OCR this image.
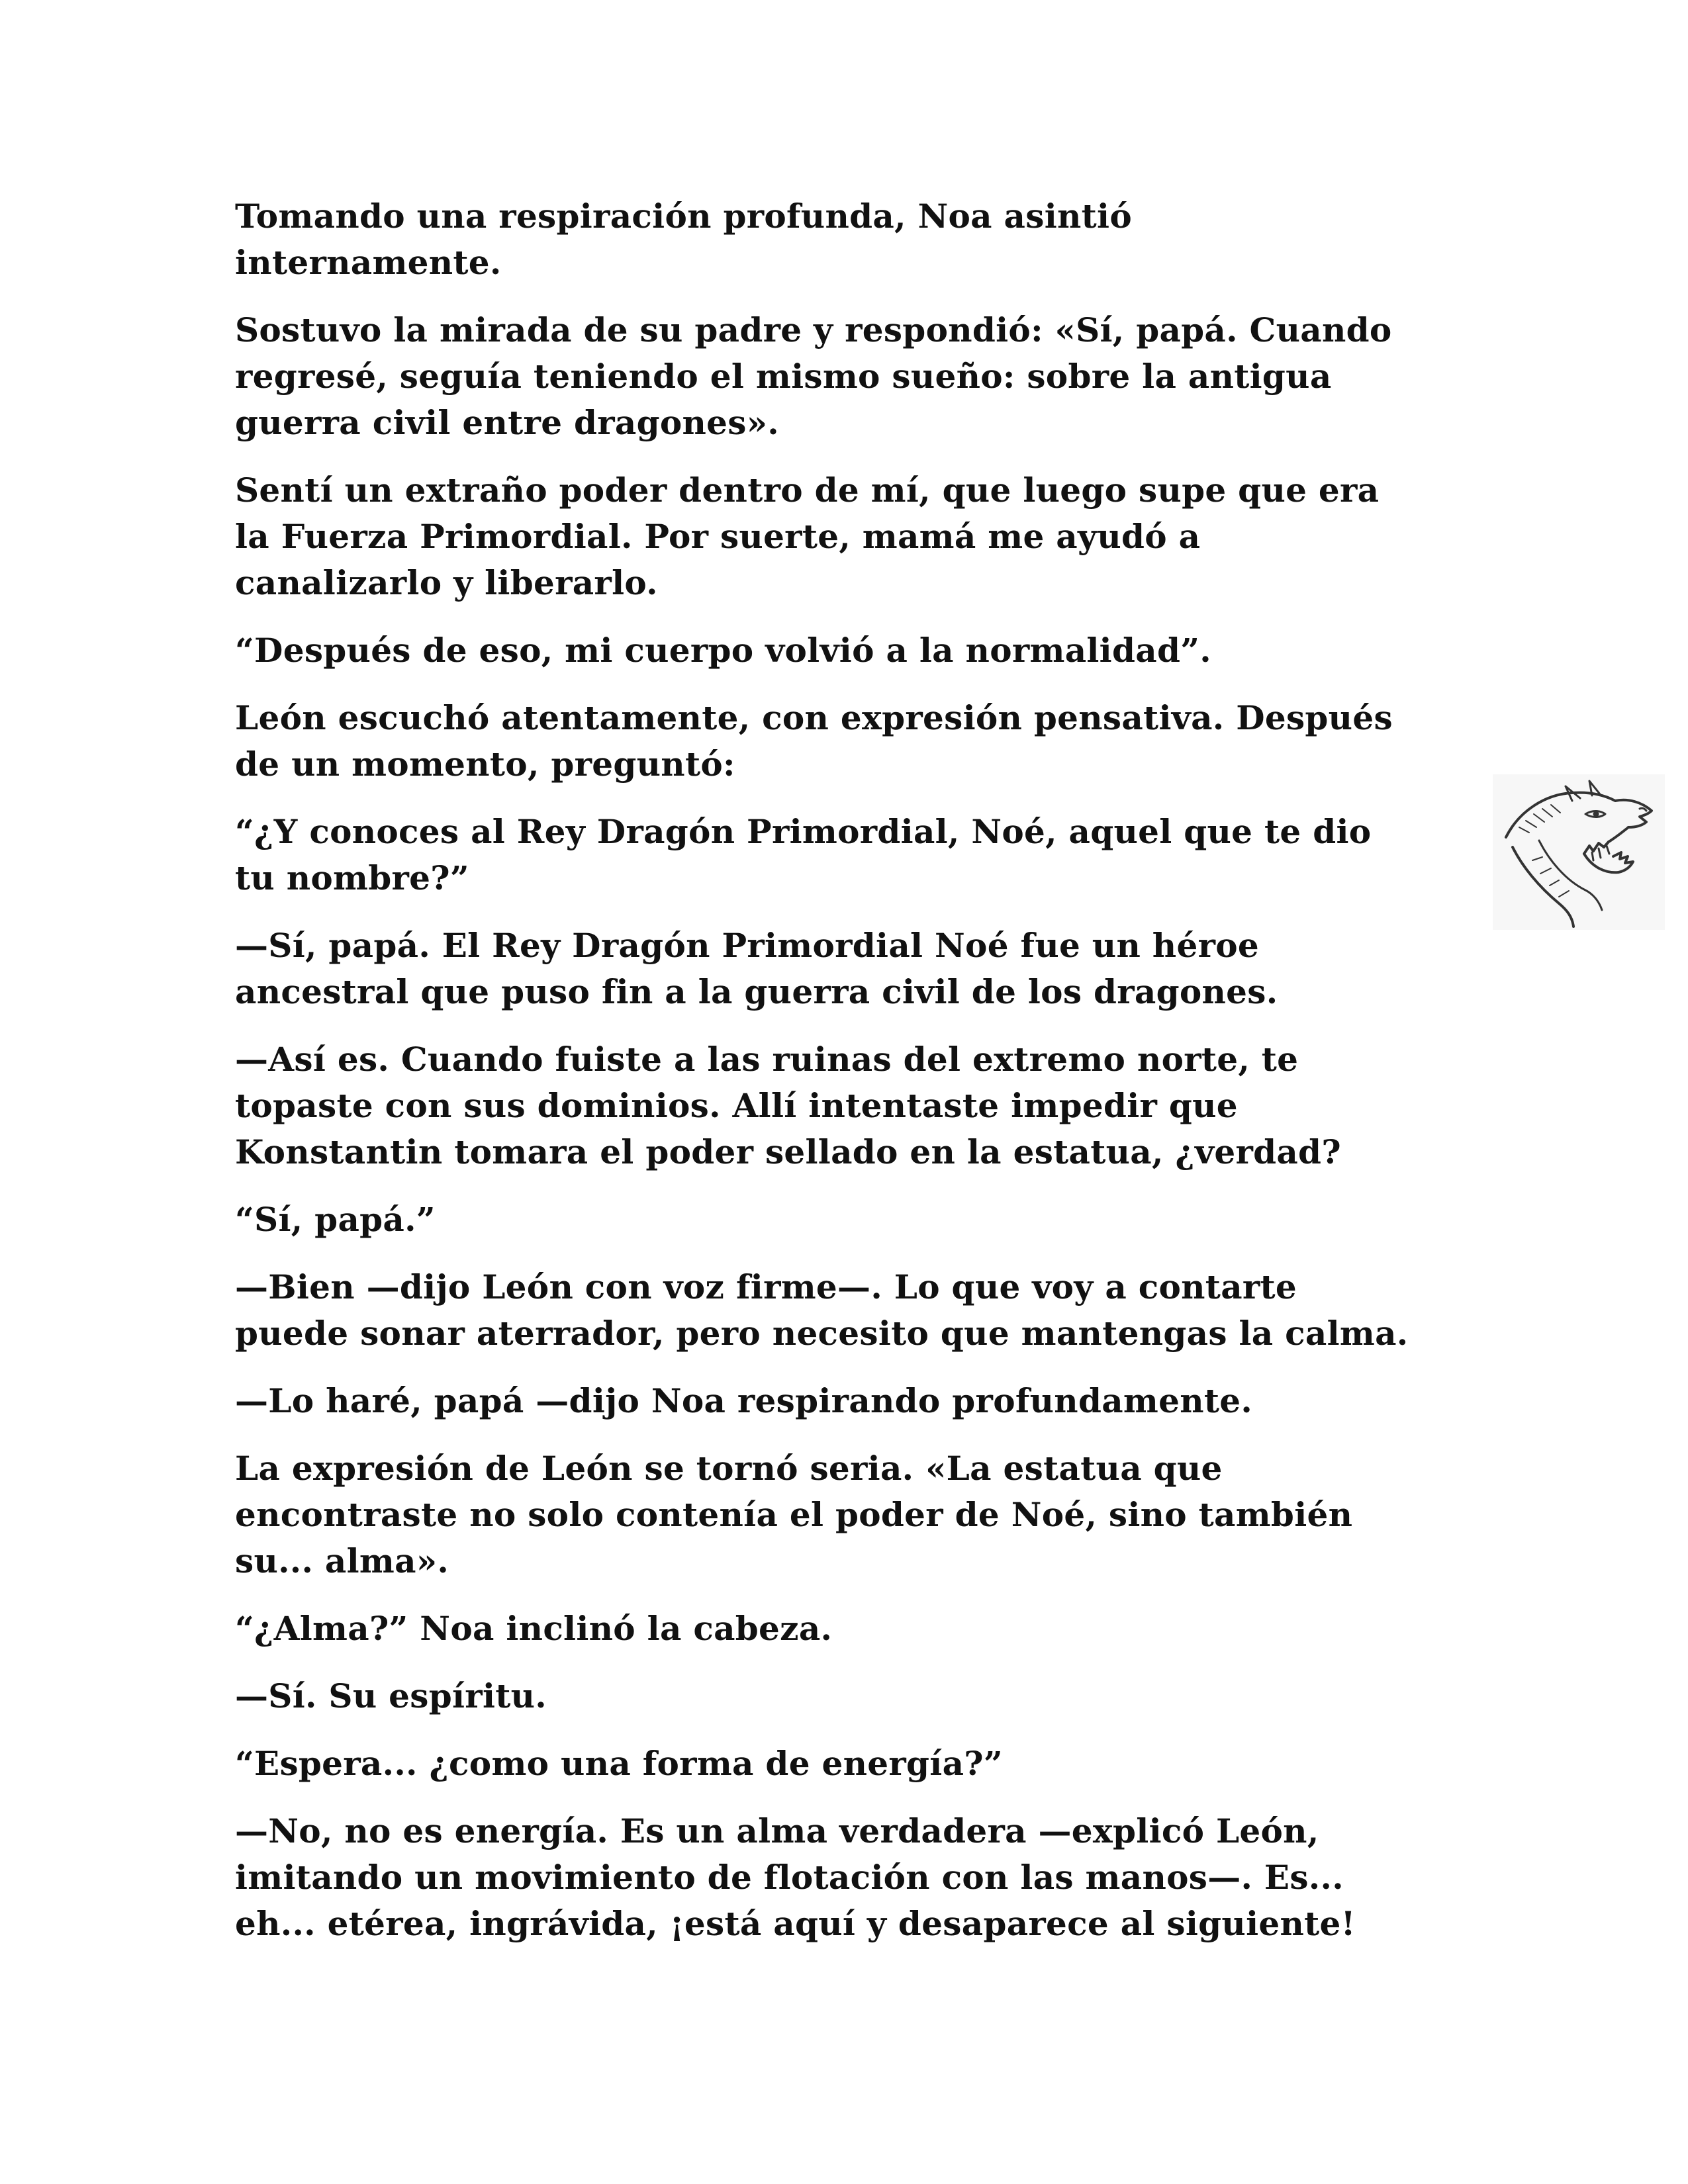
Tomando una respiración profunda, Noa asintió
internamente.

Sostuvo la mirada de su padre y respondió: «Sí, papá. Cuando
regresé, seguía teniendo el mismo sueño: sobre la antigua
guerra civil entre dragones».

Sentí un extraño poder dentro de mí, que luego supe que era
la Fuerza Primordial. Por suerte, mamá me ayudó a
canalizarlo y liberarlo.

“Después de eso, mi cuerpo volvió a la normalidad”.

León escuchó atentamente, con expresión pensativa. Después
de un momento, preguntó:

“¿Y conoces al Rey Dragón Primordial, Noé, aquel que te dio
tu nombre?”

—Sí, papá. El Rey Dragón Primordial Noé fue un héroe
ancestral que puso fin a la guerra civil de los dragones.

—Así es. Cuando fuiste a las ruinas del extremo norte, te
topaste con sus dominios. Allí intentaste impedir que
Konstantin tomara el poder sellado en la estatua, ¿verdad?

“Sí, papá.”

—Bien —dijo León con voz firme—. Lo que voy a contarte
puede sonar aterrador, pero necesito que mantengas la calma.

—Lo haré, papá —dijo Noa respirando profundamente.

La expresión de León se tornó seria. «La estatua que
encontraste no solo contenía el poder de Noé, sino también
su... alma».

“¿Alma?” Noa inclinó la cabeza.

—Sí. Su espíritu.

“Espera... ¿como una forma de energía?”

—No, no es energía. Es un alma verdadera —explicó León,
imitando un movimiento de flotación con las manos—. Es...
eh... etérea, ingrávida, ¡está aquí y desaparece al siguiente!
